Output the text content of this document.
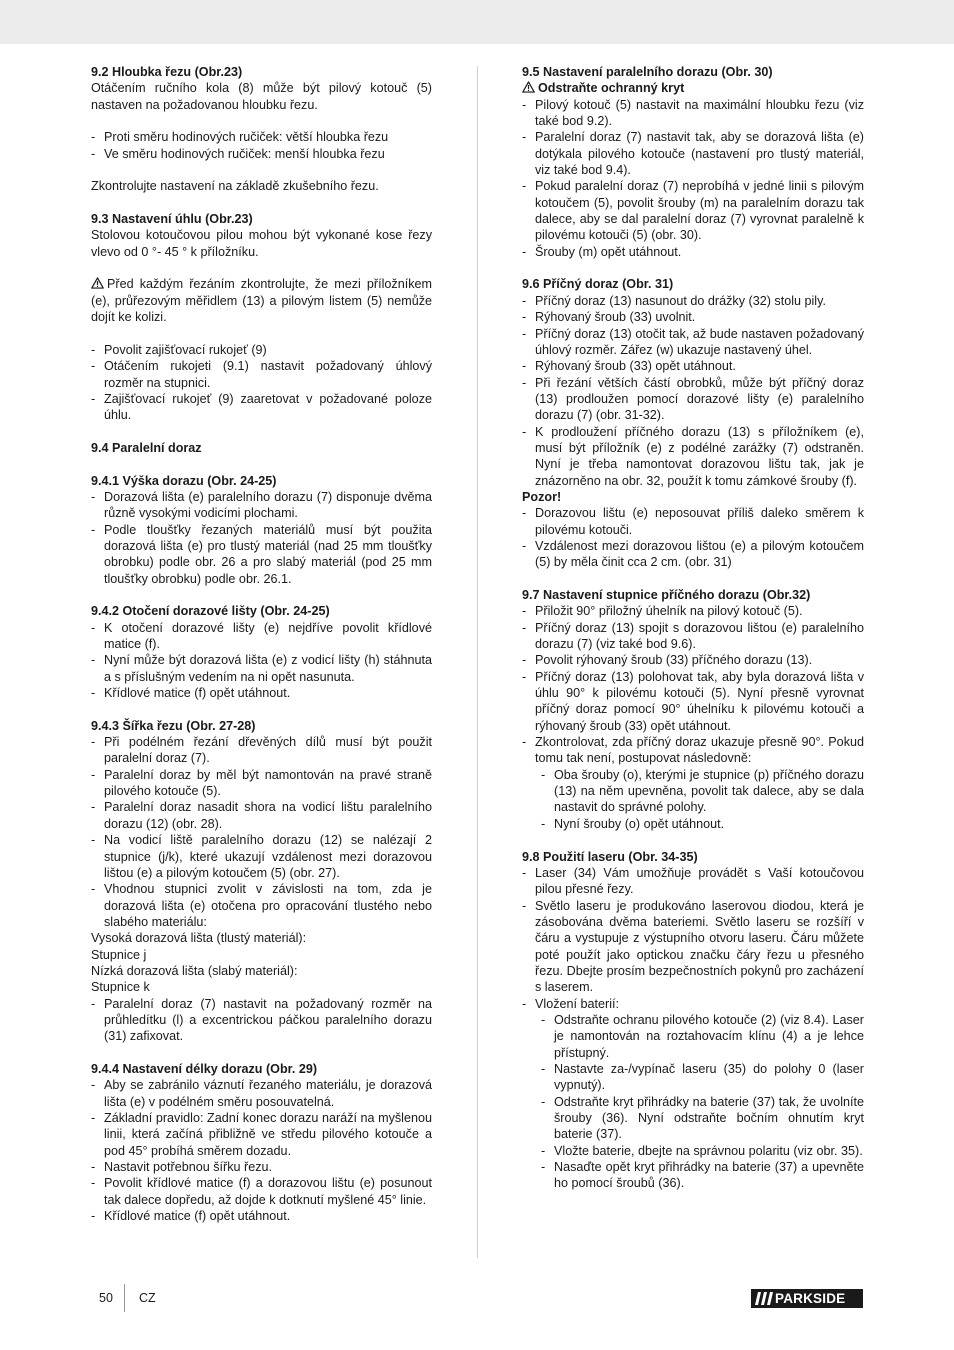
9.2 Hloubka řezu (Obr.23)
Otáčením ručního kola (8) může být pilový kotouč (5) nastaven na požadovanou hloubku řezu.
- Proti směru hodinových ručiček: větší hloubka řezu
- Ve směru hodinových ručiček: menší hloubka řezu
Zkontrolujte nastavení na základě zkušebního řezu.
9.3 Nastavení úhlu (Obr.23)
Stolovou kotoučovou pilou mohou být vykonané kose řezy vlevo od 0 °- 45 ° k příložníku.
Před každým řezáním zkontrolujte, že mezi příložníkem (e), průřezovým měřidlem (13) a pilovým listem (5) nemůže dojít ke kolizi.
- Povolit zajišťovací rukojeť (9)
- Otáčením rukojeti (9.1) nastavit požadovaný úhlový rozměr na stupnici.
- Zajišťovací rukojeť (9) zaaretovat v požadované poloze úhlu.
9.4 Paralelní doraz
9.4.1 Výška dorazu (Obr. 24-25)
- Dorazová lišta (e) paralelního dorazu (7) disponuje dvěma různě vysokými vodicími plochami.
- Podle tloušťky řezaných materiálů musí být použita dorazová lišta (e) pro tlustý materiál (nad 25 mm tloušťky obrobku) podle obr. 26 a pro slabý materiál (pod 25 mm tloušťky obrobku) podle obr. 26.1.
9.4.2 Otočení dorazové lišty (Obr. 24-25)
- K otočení dorazové lišty (e) nejdříve povolit křídlové matice (f).
- Nyní může být dorazová lišta (e) z vodicí lišty (h) stáhnuta a s příslušným vedením na ni opět nasunuta.
- Křídlové matice (f) opět utáhnout.
9.4.3 Šířka řezu (Obr. 27-28)
- Při podélném řezání dřevěných dílů musí být použit paralelní doraz (7).
- Paralelní doraz by měl být namontován na pravé straně pilového kotouče (5).
- Paralelní doraz nasadit shora na vodicí lištu paralelního dorazu (12) (obr. 28).
- Na vodicí liště paralelního dorazu (12) se nalézají 2 stupnice (j/k), které ukazují vzdálenost mezi dorazovou lištou (e) a pilovým kotoučem (5) (obr. 27).
- Vhodnou stupnici zvolit v závislosti na tom, zda je dorazová lišta (e) otočena pro opracování tlustého nebo slabého materiálu:
Vysoká dorazová lišta (tlustý materiál):
Stupnice j
Nízká dorazová lišta (slabý materiál):
Stupnice k
- Paralelní doraz (7) nastavit na požadovaný rozměr na průhledítku (l) a excentrickou páčkou paralelního dorazu (31) zafixovat.
9.4.4 Nastavení délky dorazu (Obr. 29)
- Aby se zabránilo váznutí řezaného materiálu, je dorazová lišta (e) v podélném směru posouvatelná.
- Základní pravidlo: Zadní konec dorazu naráží na myšlenou linii, která začíná přibližně ve středu pilového kotouče a pod 45° probíhá směrem dozadu.
- Nastavit potřebnou šířku řezu.
- Povolit křídlové matice (f) a dorazovou lištu (e) posunout tak dalece dopředu, až dojde k dotknutí myšlené 45° linie.
- Křídlové matice (f) opět utáhnout.
9.5 Nastavení paralelního dorazu (Obr. 30)
Odstraňte ochranný kryt
- Pilový kotouč (5) nastavit na maximální hloubku řezu (viz také bod 9.2).
- Paralelní doraz (7) nastavit tak, aby se dorazová lišta (e) dotýkala pilového kotouče (nastavení pro tlustý materiál, viz také bod 9.4).
- Pokud paralelní doraz (7) neprobíhá v jedné linii s pilovým kotoučem (5), povolit šrouby (m) na paralelním dorazu tak dalece, aby se dal paralelní doraz (7) vyrovnat paralelně k pilovému kotouči (5) (obr. 30).
- Šrouby (m) opět utáhnout.
9.6 Příčný doraz (Obr. 31)
- Příčný doraz (13) nasunout do drážky (32) stolu pily.
- Rýhovaný šroub (33) uvolnit.
- Příčný doraz (13) otočit tak, až bude nastaven požadovaný úhlový rozměr. Zářez (w) ukazuje nastavený úhel.
- Rýhovaný šroub (33) opět utáhnout.
- Při řezání větších částí obrobků, může být příčný doraz (13) prodloužen pomocí dorazové lišty (e) paralelního dorazu (7) (obr. 31-32).
- K prodloužení příčného dorazu (13) s příložníkem (e), musí být příložník (e) z podélné zarážky (7) odstraněn. Nyní je třeba namontovat dorazovou lištu tak, jak je znázorněno na obr. 32, použít k tomu zámkové šrouby (f).
Pozor!
- Dorazovou lištu (e) neposouvat příliš daleko směrem k pilovému kotouči.
- Vzdálenost mezi dorazovou lištou (e) a pilovým kotoučem (5) by měla činit cca 2 cm. (obr. 31)
9.7 Nastavení stupnice příčného dorazu (Obr.32)
- Přiložit 90° přiložný úhelník na pilový kotouč (5).
- Příčný doraz (13) spojit s dorazovou lištou (e) paralelního dorazu (7) (viz také bod 9.6).
- Povolit rýhovaný šroub (33) příčného dorazu (13).
- Příčný doraz (13) polohovat tak, aby byla dorazová lišta v úhlu 90° k pilovému kotouči (5). Nyní přesně vyrovnat příčný doraz pomocí 90° úhelníku k pilovému kotouči a rýhovaný šroub (33) opět utáhnout.
- Zkontrolovat, zda příčný doraz ukazuje přesně 90°. Pokud tomu tak není, postupovat následovně:
- Oba šrouby (o), kterými je stupnice (p) příčného dorazu (13) na něm upevněna, povolit tak dalece, aby se dala nastavit do správné polohy.
- Nyní šrouby (o) opět utáhnout.
9.8 Použití laseru (Obr. 34-35)
- Laser (34) Vám umožňuje provádět s Vaší kotoučovou pilou přesné řezy.
- Světlo laseru je produkováno laserovou diodou, která je zásobována dvěma bateriemi. Světlo laseru se rozšíří v čáru a vystupuje z výstupního otvoru laseru. Čáru můžete poté použít jako optickou značku čáry řezu u přesného řezu. Dbejte prosím bezpečnostních pokynů pro zacházení s laserem.
- Vložení baterií:
- Odstraňte ochranu pilového kotouče (2) (viz 8.4). Laser je namontován na roztahovacím klínu (4) a je lehce přístupný.
- Nastavte za-/vypínač laseru (35) do polohy 0 (laser vypnutý).
- Odstraňte kryt přihrádky na baterie (37) tak, že uvolníte šrouby (36). Nyní odstraňte bočním ohnutím kryt baterie (37).
- Vložte baterie, dbejte na správnou polaritu (viz obr. 35).
- Nasaďte opět kryt přihrádky na baterie (37) a upevněte ho pomocí šroubů (36).
50 CZ	PARKSIDE
